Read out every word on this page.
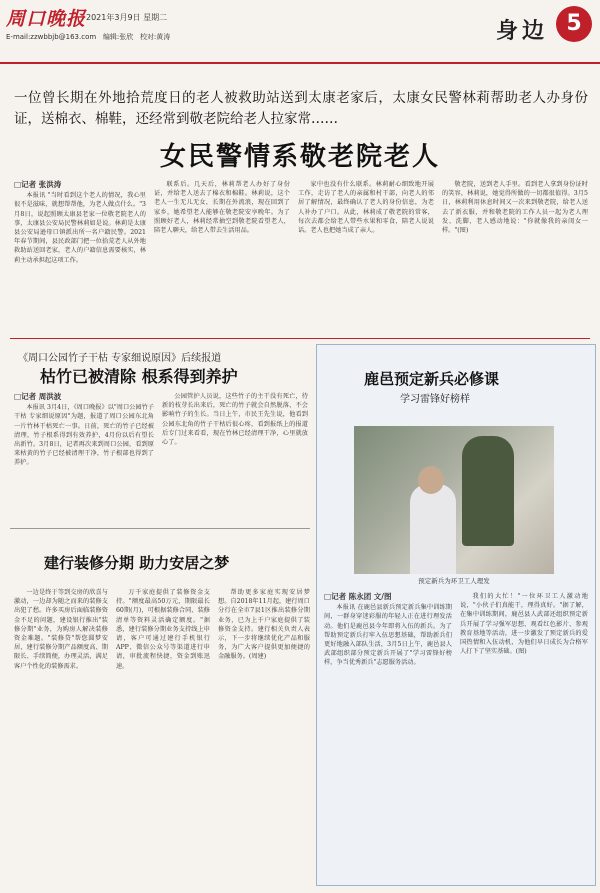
周口晚报 2021年3月9日 星期二
E-mail:zzwbbjb@163.com 编辑:张欣 校对:黄涛	身边 5
一位曾长期在外地拾荒度日的老人被救助站送到太康老家后，太康女民警林莉帮助老人办身份证，送棉衣、棉鞋，还经常到敬老院给老人拉家常……
女民警情系敬老院老人
□记者 张洪涛

本报讯 "当时看到这个老人的情况，我心里很不是滋味，就想帮帮他，为老人做点什么。"3月8日，说起照顾太康县老家一位敬老院老人的事，太康县公安局民警林莉如是说。林莉是太康县公安局逊母口镇派出所一名户籍民警。2021年春节期间，县民政部门把一位拾荒老人从外地救助站送回老家，老人的户籍信息需要核实，林莉主动承担起这项工作。

联系后。几天后，林莉帮老人办好了身份证，并给老人送去了棉衣和棉鞋。林莉说，这个老人一生无儿无女，长期在外流浪，现在回到了家乡，她希望老人能够在敬老院安享晚年。为了照顾好老人，林莉经常抽空到敬老院看望老人，陪老人聊天，给老人带去生活用品。

家中也没有什么联系。林莉耐心细致地开展工作，走访了老人的亲属和村干部，向老人的邻居了解情况，最终确认了老人的身份信息，为老人补办了户口。从此，林莉成了敬老院的常客，每次去都会给老人带些水果和零食，陪老人说说话。老人也把她当成了亲人。

敬老院，送到老人手里。看到老人拿到身份证时的笑容，林莉说，她觉得所做的一切都很值得。3月5日，林莉利用休息时间又一次来到敬老院，给老人送去了新衣服，并和敬老院的工作人员一起为老人理发、洗脚，老人感动地说："你就像我的亲闺女一样。"(图)

《周口公园竹子干枯 专家细说原因》后续报道
枯竹已被清除 根系得到养护
□记者 周洪波

本报讯 3月4日，《周口晚报》以"周口公园竹子干枯 专家细说原因"为题，报道了周口公园东北角一片竹林干枯死亡一事。日前，死亡的竹子已经被清理，竹子根系得到有效养护，4月份以后有望长出新竹。3月8日，记者再次来到周口公园，看到原来枯黄的竹子已经被清理干净，竹子根部也得到了养护。

公园管护人员说，这些竹子的主干没有死亡，待新的枝芽长出来后，死亡的竹子就会自然脱落，不会影响竹子的生长。当日上午，市民王先生说，他看到公园东北角的竹子干枯后很心疼，看到报纸上的报道后专门过来看看，现在竹林已经清理干净，心里就放心了。

建行装修分期 助力安居之梦

一边是终于等到交房的欣喜与激动，一边却为随之而来的装修支出犯了愁。许多买房后面临装修资金不足的问题，建设银行推出"装修分期"业务，为购房人解决装修资金难题。"装修贷"帮您圆梦安居，建行装修分期产品额度高、期限长、手续简便，办理灵活，满足客户个性化的装修需求。

万千家庭提供了装修资金支持。"额度最高50万元，期限最长60期(月)，可根据装修合同、装修清单等资料灵活确定额度。"据悉，建行装修分期业务支持线上申请，客户可通过建行手机银行APP、微信公众号等渠道进行申请，审批流程快捷，资金到账迅速。

帮助更多家庭实现安居梦想。自2018年11月起，建行周口分行在全市7县1区推出装修分期业务，已为上千户家庭提供了装修资金支持。建行相关负责人表示，下一步将继续优化产品和服务，为广大客户提供更加便捷的金融服务。(周建)

鹿邑预定新兵必修课
学习雷锋好榜样
预定新兵为环卫工人理发
□记者 陈永团 文/图

本报讯 在鹿邑县新兵预定新兵集中训练期间，一群身穿迷彩服的年轻人正在进行理发活动。他们是鹿邑县今年即将入伍的新兵。为了帮助预定新兵打牢入伍思想基础，帮助新兵们更好地融入部队生活，3月5日上午，鹿邑县人武部组织部分预定新兵开展了"学习雷锋好榜样，争当优秀新兵"志愿服务活动。

我们的大忙！"一位环卫工人激动地说，"小伙子们真能干，理得真好。"据了解，在集中训练期间，鹿邑县人武部还组织预定新兵开展了学习强军思想、观看红色影片、参观教育基地等活动，进一步激发了预定新兵的爱国热情和入伍动机，为他们早日成长为合格军人打下了坚实基础。(图)
